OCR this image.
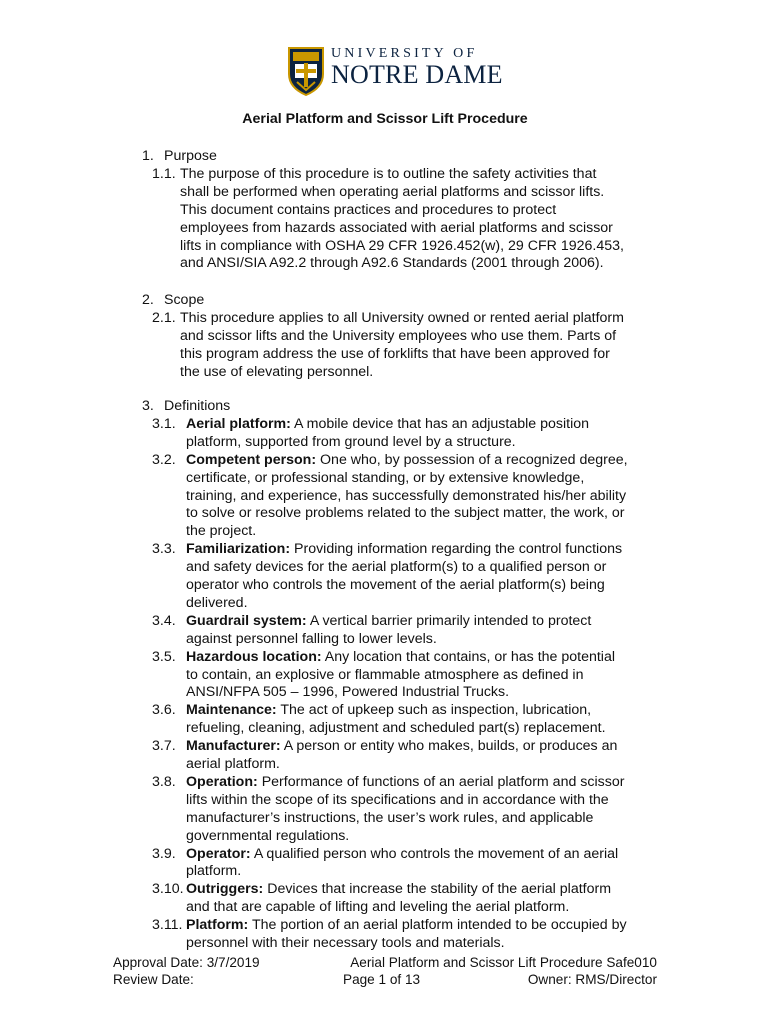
UNIVERSITY OF
NOTRE DAME
Aerial Platform and Scissor Lift Procedure
1. Purpose
1.1. The purpose of this procedure is to outline the safety activities that
shall be performed when operating aerial platforms and scissor lifts.
This document contains practices and procedures to protect
employees from hazards associated with aerial platforms and scissor
lifts in compliance with OSHA 29 CFR 1926.452(w), 29 CFR 1926.453,
and ANSI/SIA A92.2 through A92.6 Standards (2001 through 2006).
2. Scope
2.1. This procedure applies to all University owned or rented aerial platform
and scissor lifts and the University employees who use them. Parts of
this program address the use of forklifts that have been approved for
the use of elevating personnel.
3. Definitions
3.1. Aerial platform: A mobile device that has an adjustable position
platform, supported from ground level by a structure.
3.2. Competent person: One who, by possession of a recognized degree,
certificate, or professional standing, or by extensive knowledge,
training, and experience, has successfully demonstrated his/her ability
to solve or resolve problems related to the subject matter, the work, or
the project.
3.3. Familiarization: Providing information regarding the control functions
and safety devices for the aerial platform(s) to a qualified person or
operator who controls the movement of the aerial platform(s) being
delivered.
3.4. Guardrail system: A vertical barrier primarily intended to protect
against personnel falling to lower levels.
3.5. Hazardous location: Any location that contains, or has the potential
to contain, an explosive or flammable atmosphere as defined in
ANSI/NFPA 505 – 1996, Powered Industrial Trucks.
3.6. Maintenance: The act of upkeep such as inspection, lubrication,
refueling, cleaning, adjustment and scheduled part(s) replacement.
3.7. Manufacturer: A person or entity who makes, builds, or produces an
aerial platform.
3.8. Operation: Performance of functions of an aerial platform and scissor
lifts within the scope of its specifications and in accordance with the
manufacturer’s instructions, the user’s work rules, and applicable
governmental regulations.
3.9. Operator: A qualified person who controls the movement of an aerial
platform.
3.10. Outriggers: Devices that increase the stability of the aerial platform
and that are capable of lifting and leveling the aerial platform.
3.11. Platform: The portion of an aerial platform intended to be occupied by
personnel with their necessary tools and materials.
Approval Date: 3/7/2019
Review Date:
Aerial Platform and Scissor Lift Procedure Safe010
Page 1 of 13	Owner: RMS/Director
